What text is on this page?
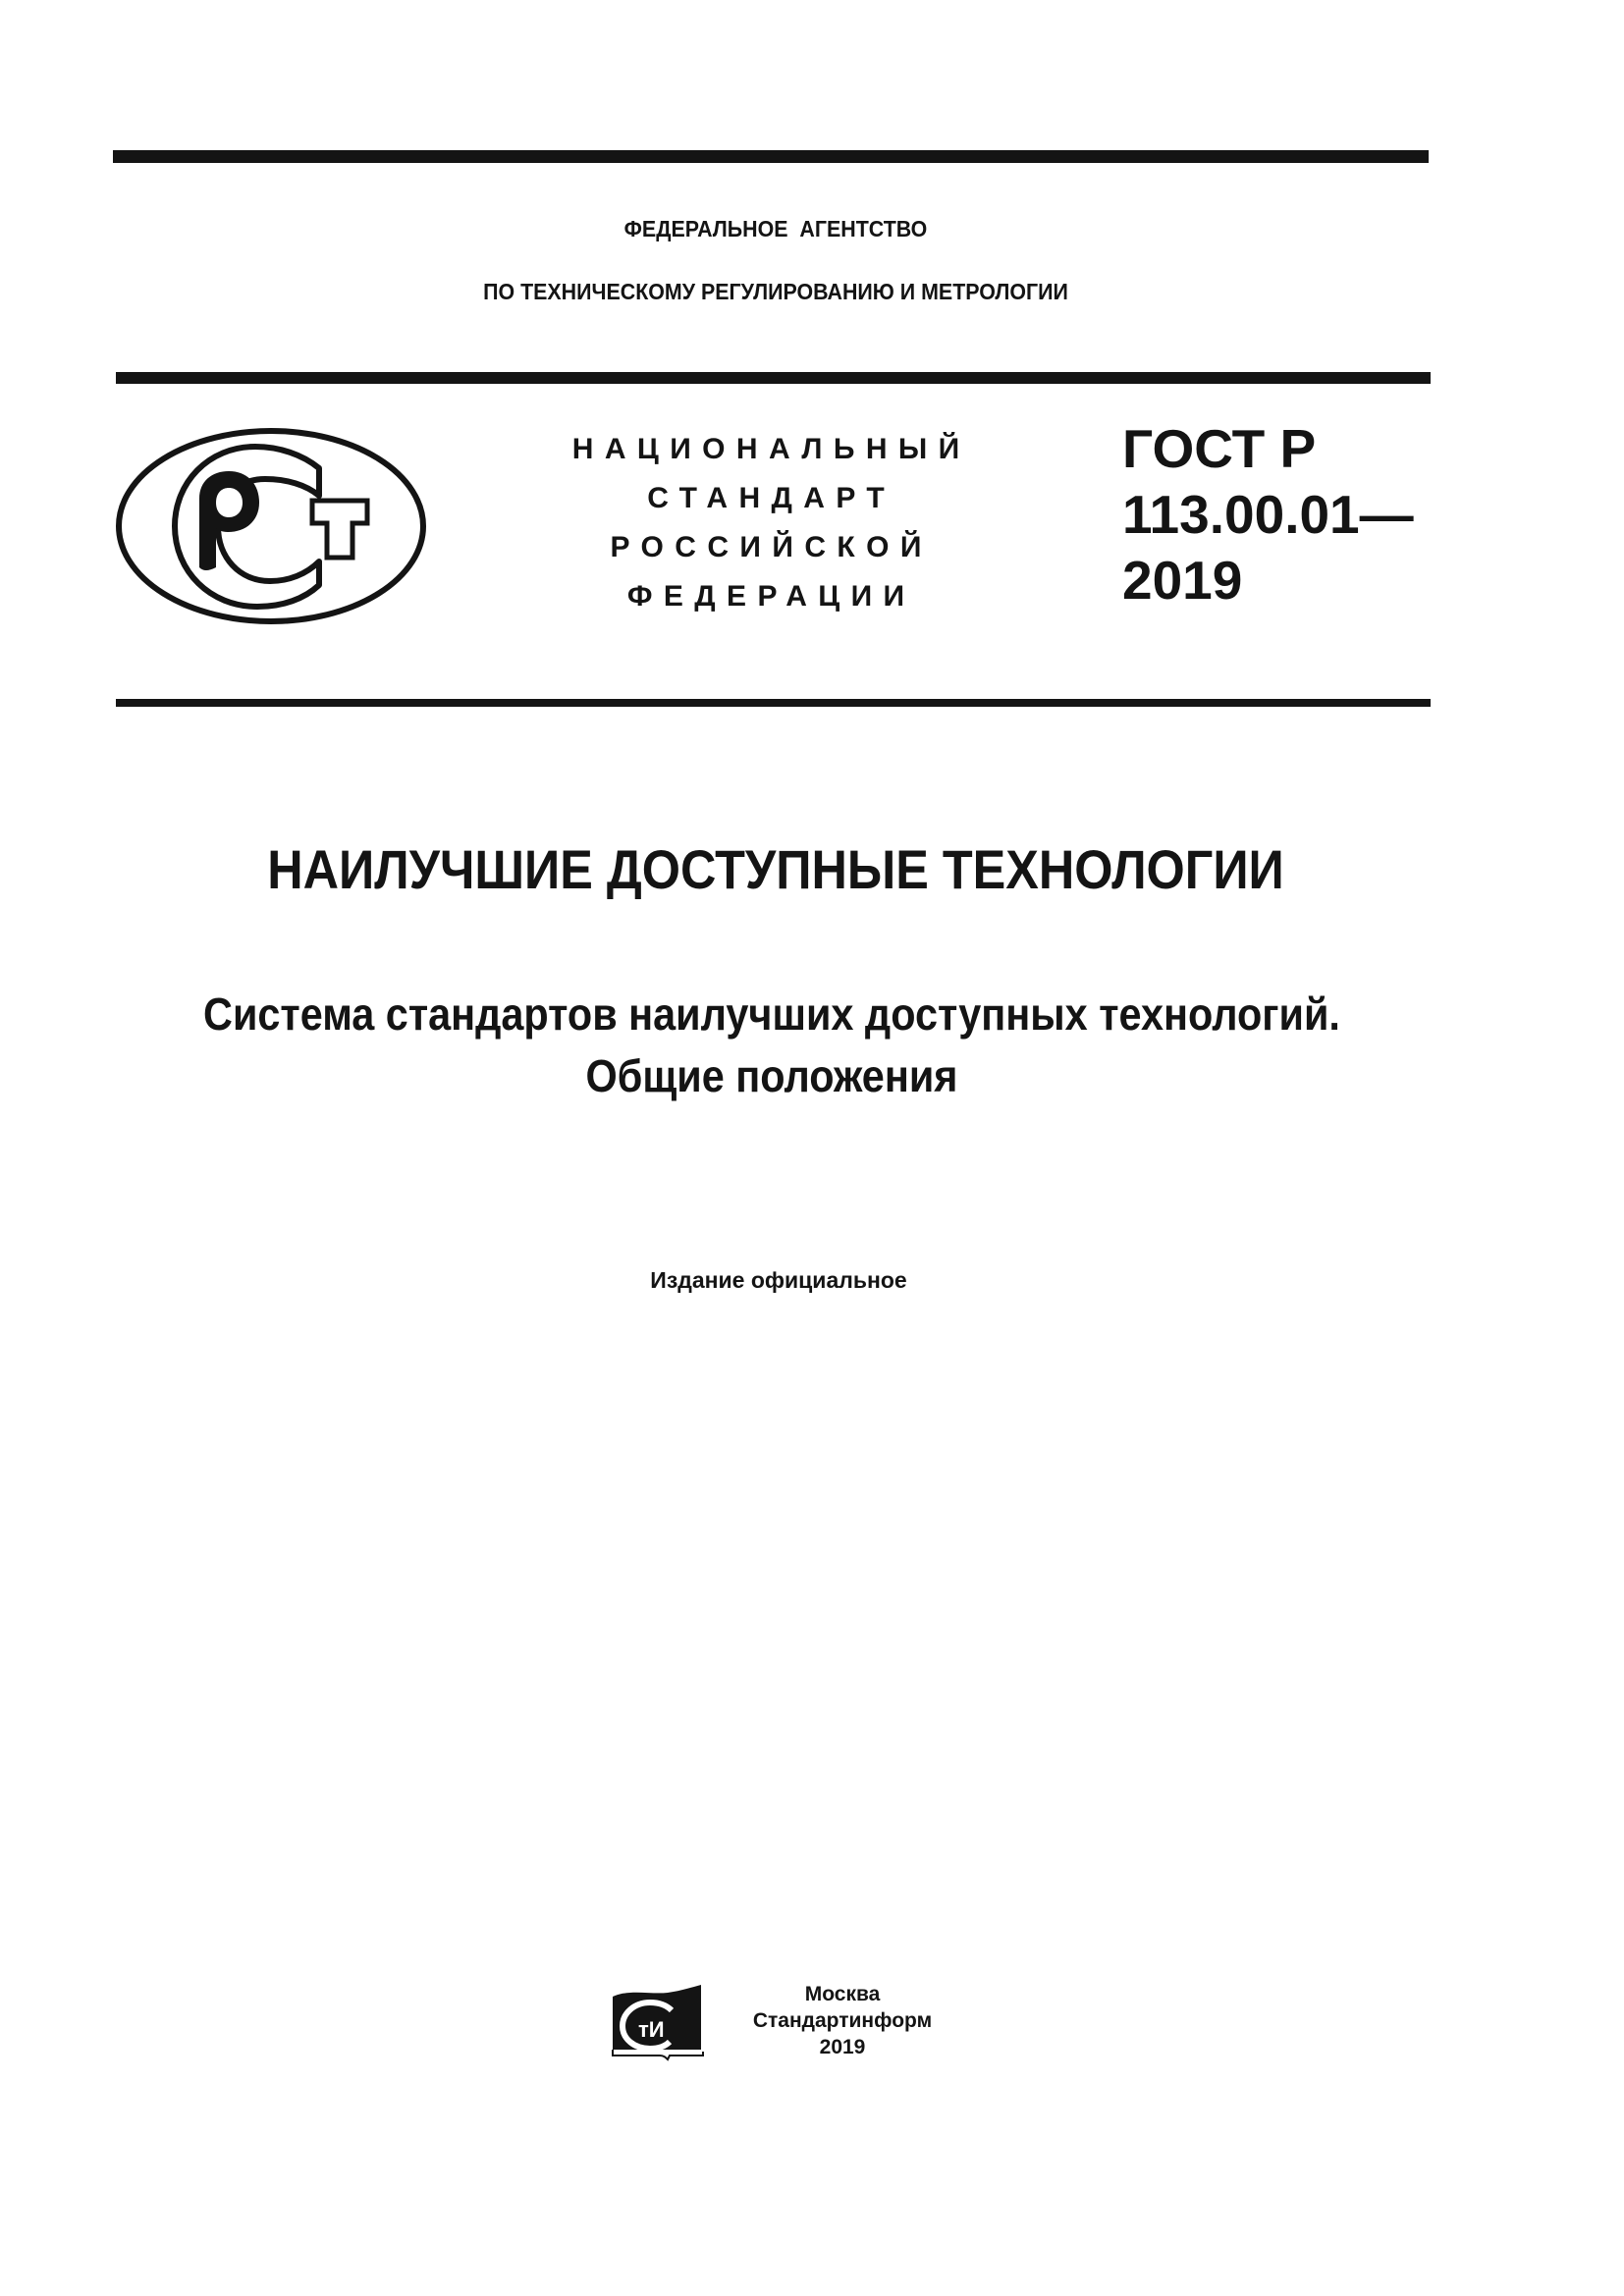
ФЕДЕРАЛЬНОЕ  АГЕНТСТВО
ПО ТЕХНИЧЕСКОМУ РЕГУЛИРОВАНИЮ И МЕТРОЛОГИИ
НАЦИОНАЛЬНЫЙ
СТАНДАРТ
РОССИЙСКОЙ
ФЕДЕРАЦИИ
ГОСТ Р
113.00.01—
2019
НАИЛУЧШИЕ ДОСТУПНЫЕ ТЕХНОЛОГИИ
Система стандартов наилучших доступных технологий.
Общие положения
Издание официальное
тИ
Москва
Стандартинформ
2019
